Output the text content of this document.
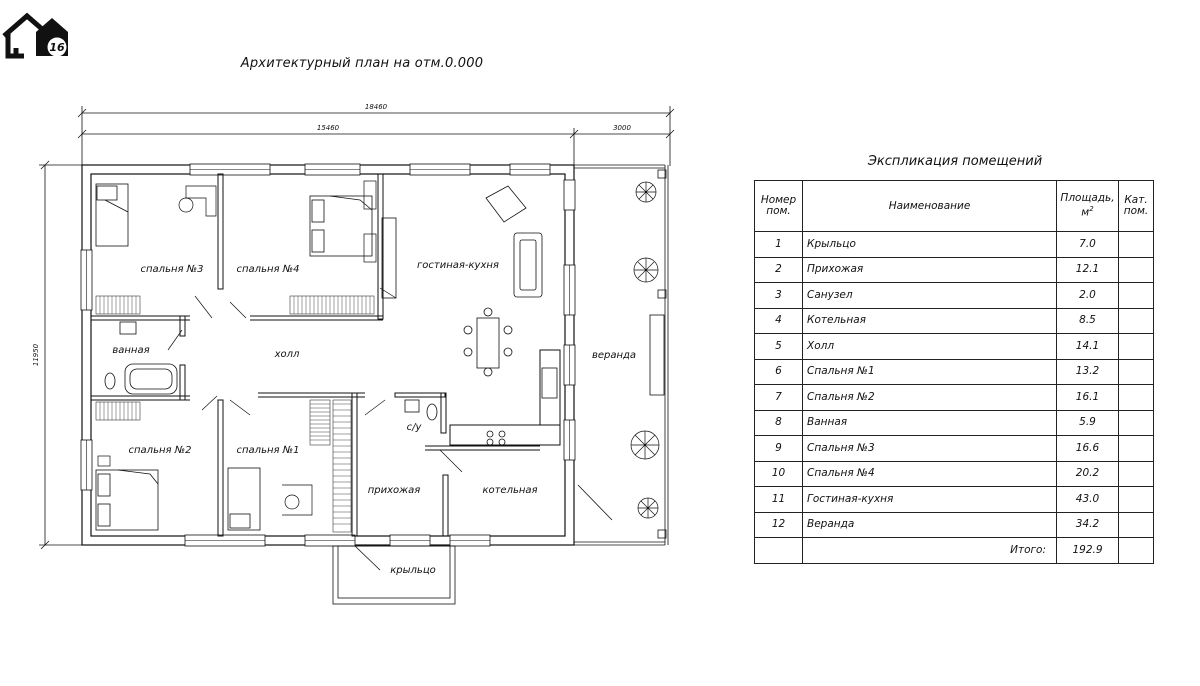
16
Архитектурный план на отм.0.000
18460
15460	3000
11950
спальня №3	спальня №4	гостиная-кухня
ванная	холл	веранда
с/у
спальня №2	спальня №1
прихожая	котельная
крыльцо
Экспликация помещений
Номер пом.	Наименование	Площадь, $м^2$	Кат. пом.
1	Крыльцо	7.0	
2	Прихожая	12.1	
3	Санузел	2.0	
4	Котельная	8.5	
5	Холл	14.1	
6	Спальня №1	13.2	
7	Спальня №2	16.1	
8	Ванная	5.9	
9	Спальня №3	16.6	
10	Спальня №4	20.2	
11	Гостиная-кухня	43.0	
12	Веранда	34.2	
	Итого:	192.9	
